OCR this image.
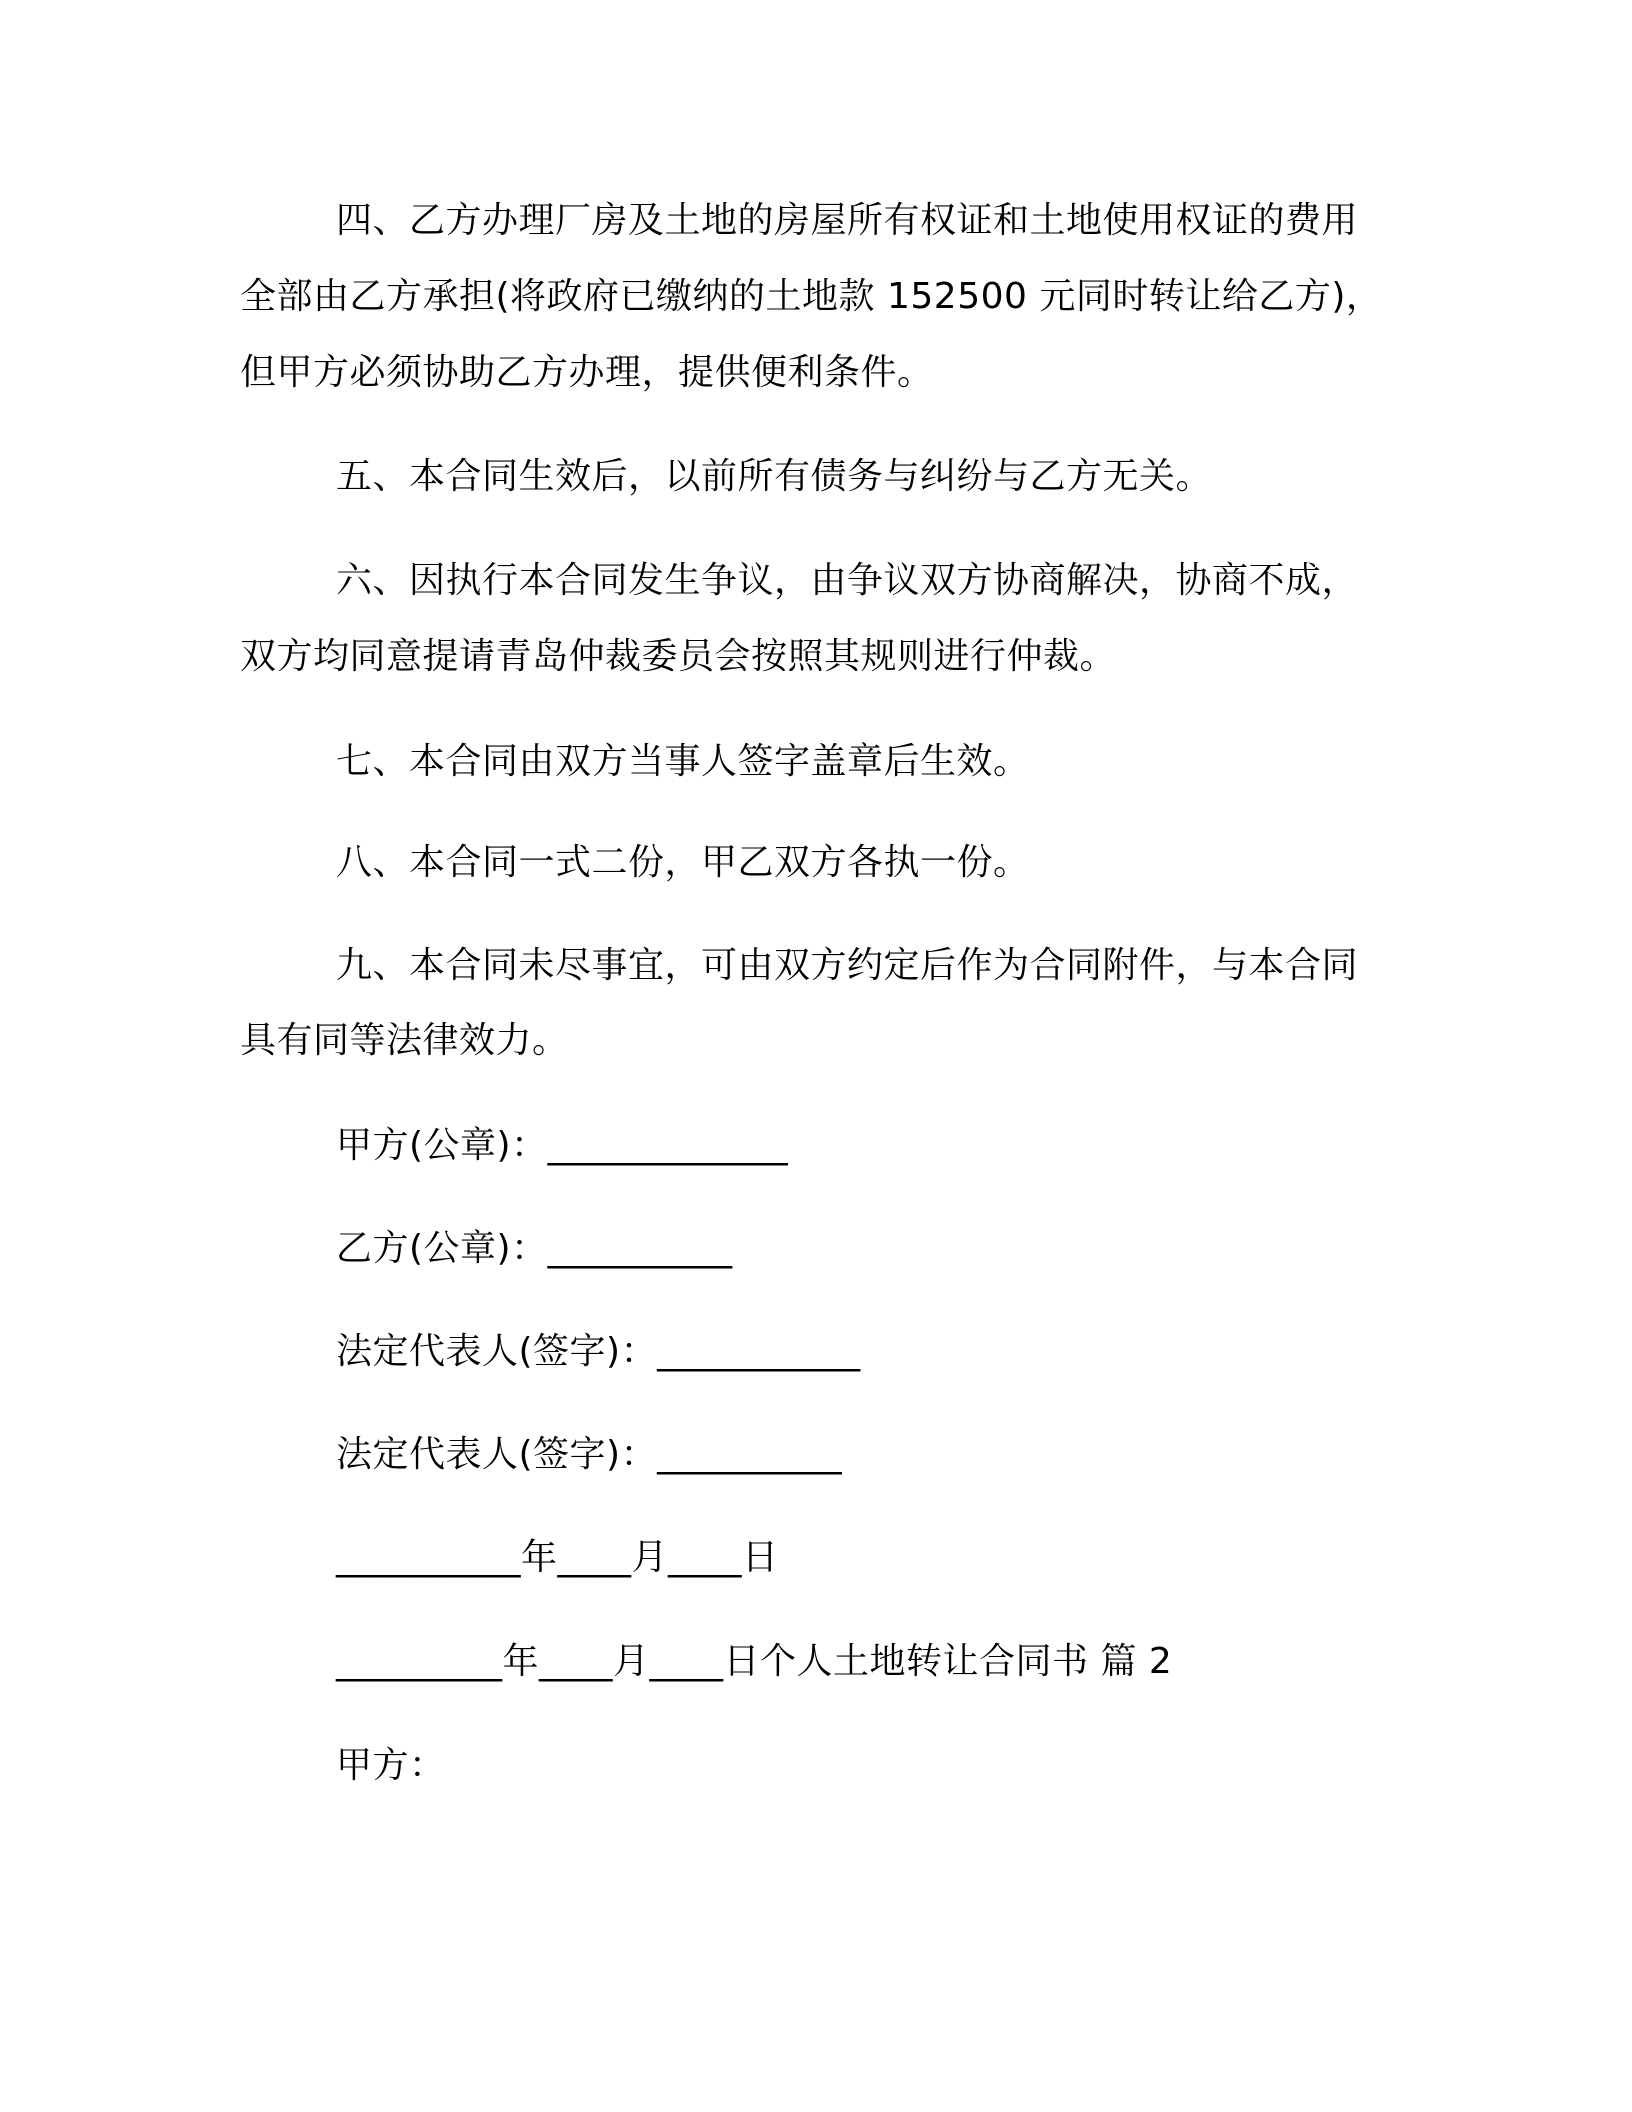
四、乙方办理厂房及土地的房屋所有权证和土地使用权证的费用
全部由乙方承担(将政府已缴纳的土地款 152500 元同时转让给乙方)，
但甲方必须协助乙方办理，提供便利条件。
五、本合同生效后，以前所有债务与纠纷与乙方无关。
六、因执行本合同发生争议，由争议双方协商解决，协商不成，
双方均同意提请青岛仲裁委员会按照其规则进行仲裁。
七、本合同由双方当事人签字盖章后生效。
八、本合同一式二份，甲乙双方各执一份。
九、本合同未尽事宜，可由双方约定后作为合同附件，与本合同
具有同等法律效力。
甲方(公章)：_____________
乙方(公章)：__________
法定代表人(签字)：___________
法定代表人(签字)：__________
__________年____月____日
_________年____月____日个人土地转让合同书 篇 2
甲方：
